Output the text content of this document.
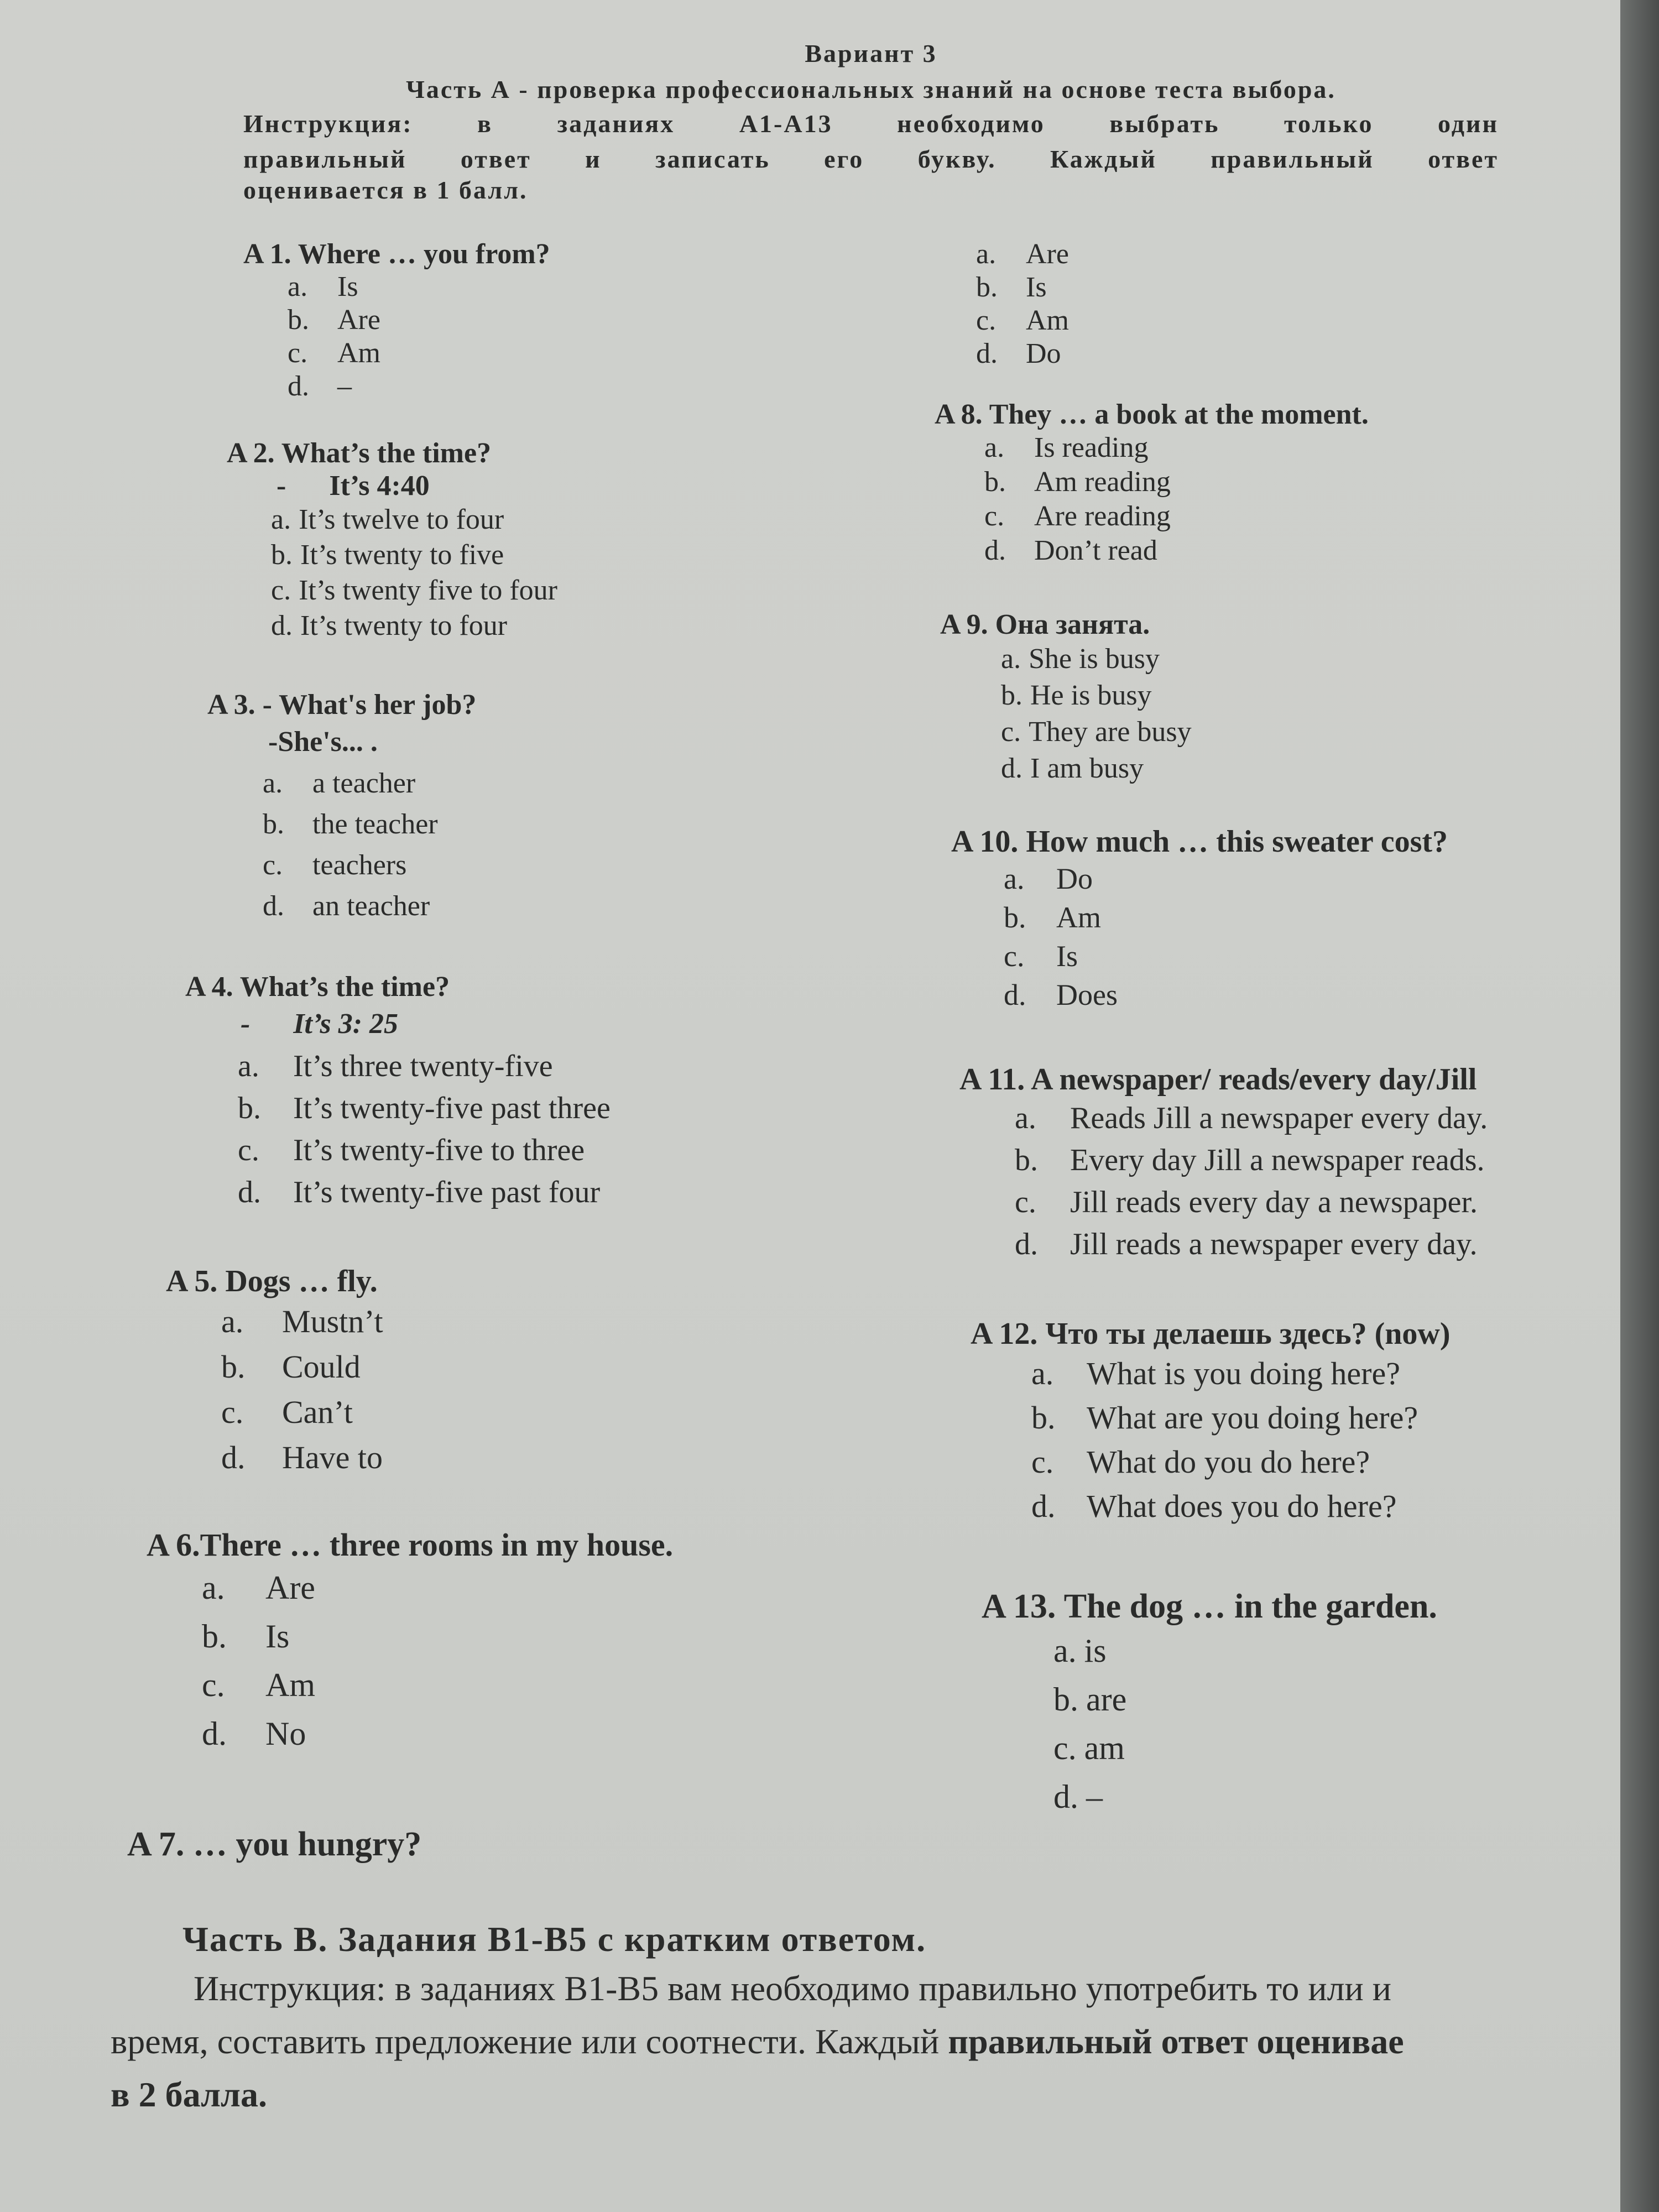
Вариант 3
Часть А - проверка профессиональных знаний на основе теста выбора.
Инструкция: в заданиях А1-А13 необходимо выбрать только один
правильный ответ и записать его букву. Каждый правильный ответ
оценивается в 1 балл.
A 1. Where … you from?
a.	Is
b. Are
c.	Am
d. –
A 2. What’s the time?
-      It’s 4:40
a. It’s twelve to four
b. It’s twenty to five
c. It’s twenty five to four
d. It’s twenty to four
A 3. - What's her job?
-She's... .
a.	a teacher
b. the teacher
c.	teachers
d. an teacher
A 4. What’s the time?
-      It’s 3: 25
a.	It’s three twenty-five
b.	It’s twenty-five past three
c.	It’s twenty-five to three
d.	It’s twenty-five past four
A 5. Dogs … fly.
a.	Mustn’t
b.	Could
c.	Can’t
d.	Have to
A 6.There … three rooms in my house.
a.	Are
b.	Is
c.	Am
d.	No
A 7. … you hungry?
a.	Are
b. Is
c.	Am
d. Do
A 8. They … a book at the moment.
a.	Is reading
b. Am reading
c.	Are reading
d. Don’t read
A 9. Она занята.
a. She is busy
b. He is busy
c. They are busy
d. I am busy
A 10. How much … this sweater cost?
a.	Do
b.	Am
c.	Is
d.	Does
A 11. A newspaper/ reads/every day/Jill
a.	Reads Jill a newspaper every day.
b.	Every day Jill a newspaper reads.
c.	Jill reads every day a newspaper.
d.	Jill reads a newspaper every day.
A 12. Что ты делаешь здесь? (now)
a.	What is you doing here?
b. What are you doing here?
c.	What do you do here?
d. What does you do here?
A 13. The dog … in the garden.
a. is
b. are
c. am
d. –
Часть В. Задания В1-В5 с кратким ответом.
Инструкция: в заданиях В1-В5 вам необходимо правильно употребить то или и
время, составить предложение или соотнести. Каждый правильный ответ оценивае
в 2 балла.
